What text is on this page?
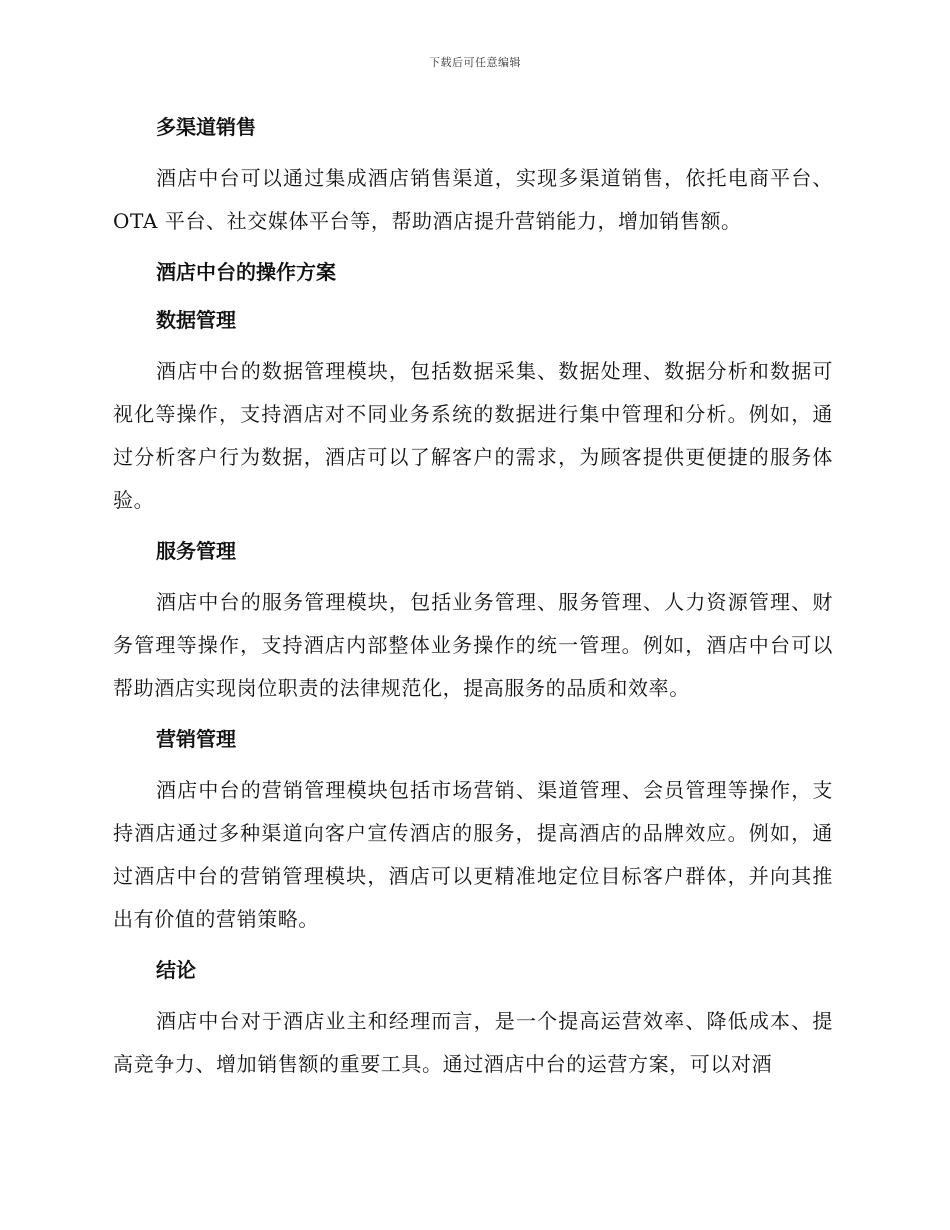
下载后可任意编辑
多渠道销售

酒店中台可以通过集成酒店销售渠道，实现多渠道销售，依托电商平台、OTA 平台、社交媒体平台等，帮助酒店提升营销能力，增加销售额。

酒店中台的操作方案
数据管理

酒店中台的数据管理模块，包括数据采集、数据处理、数据分析和数据可视化等操作，支持酒店对不同业务系统的数据进行集中管理和分析。例如，通过分析客户行为数据，酒店可以了解客户的需求，为顾客提供更便捷的服务体验。

服务管理

酒店中台的服务管理模块，包括业务管理、服务管理、人力资源管理、财务管理等操作，支持酒店内部整体业务操作的统一管理。例如，酒店中台可以帮助酒店实现岗位职责的法律规范化，提高服务的品质和效率。

营销管理

酒店中台的营销管理模块包括市场营销、渠道管理、会员管理等操作，支持酒店通过多种渠道向客户宣传酒店的服务，提高酒店的品牌效应。例如，通过酒店中台的营销管理模块，酒店可以更精准地定位目标客户群体，并向其推出有价值的营销策略。

结论

酒店中台对于酒店业主和经理而言，是一个提高运营效率、降低成本、提高竞争力、增加销售额的重要工具。通过酒店中台的运营方案，可以对酒
